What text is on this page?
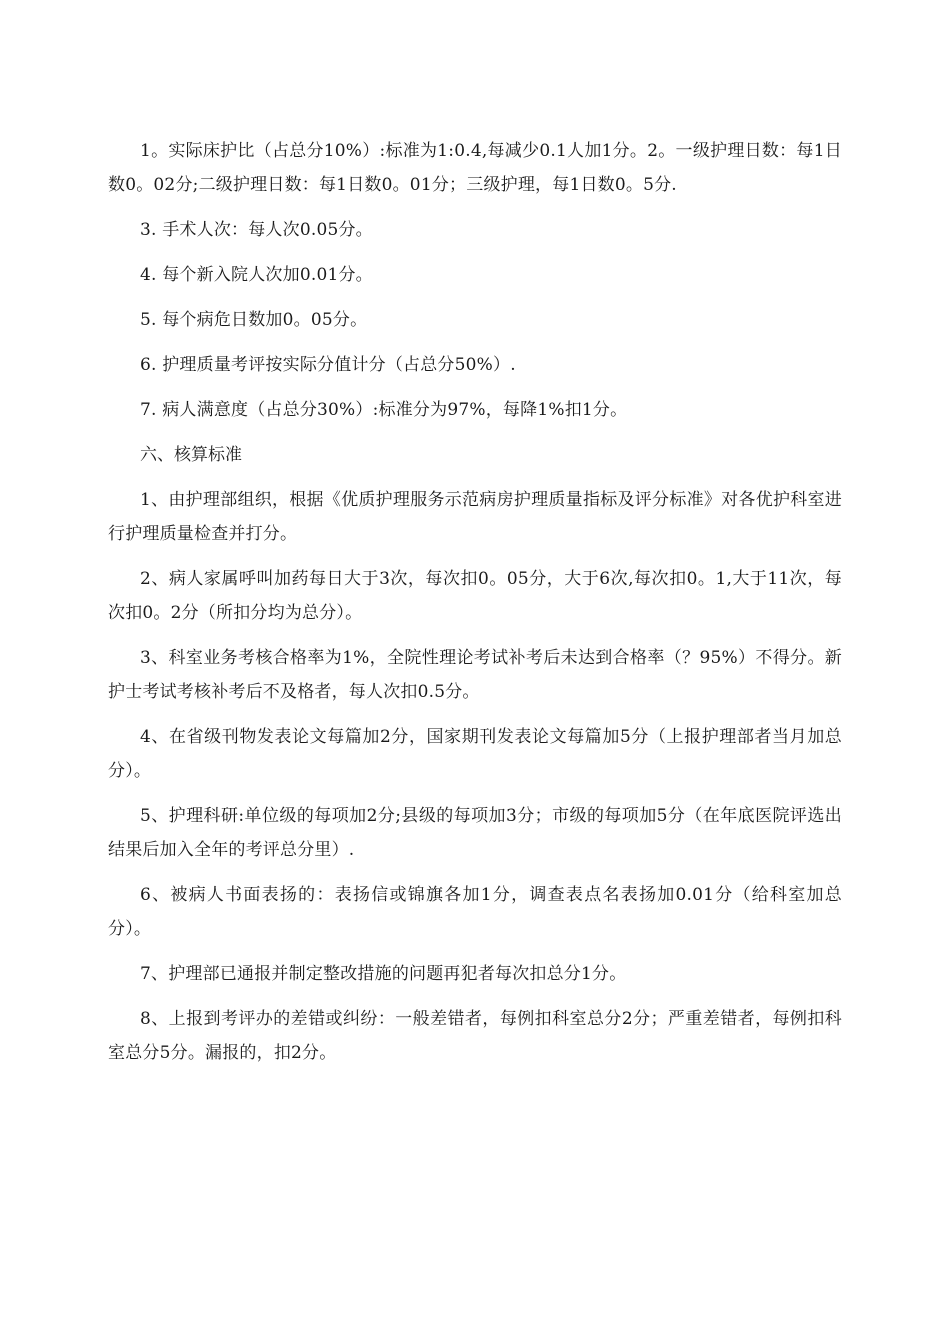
1。实际床护比（占总分10%）:标准为1:0.4,每减少0.1人加1分。2。一级护理日数：每1日数0。02分;二级护理日数：每1日数0。01分；三级护理，每1日数0。5分.

3. 手术人次：每人次0.05分。

4. 每个新入院人次加0.01分。

5. 每个病危日数加0。05分。

6. 护理质量考评按实际分值计分（占总分50%）.

7. 病人满意度（占总分30%）:标准分为97%，每降1%扣1分。

六、核算标准

1、由护理部组织，根据《优质护理服务示范病房护理质量指标及评分标准》对各优护科室进行护理质量检查并打分。

2、病人家属呼叫加药每日大于3次，每次扣0。05分，大于6次,每次扣0。1,大于11次，每次扣0。2分（所扣分均为总分）。

3、科室业务考核合格率为1%，全院性理论考试补考后未达到合格率（？95%）不得分。新护士考试考核补考后不及格者，每人次扣0.5分。

4、在省级刊物发表论文每篇加2分，国家期刊发表论文每篇加5分（上报护理部者当月加总分）。

5、护理科研:单位级的每项加2分;县级的每项加3分；市级的每项加5分（在年底医院评选出结果后加入全年的考评总分里）.

6、被病人书面表扬的：表扬信或锦旗各加1分，调查表点名表扬加0.01分（给科室加总分）。

7、护理部已通报并制定整改措施的问题再犯者每次扣总分1分。

8、上报到考评办的差错或纠纷：一般差错者，每例扣科室总分2分；严重差错者，每例扣科室总分5分。漏报的，扣2分。
